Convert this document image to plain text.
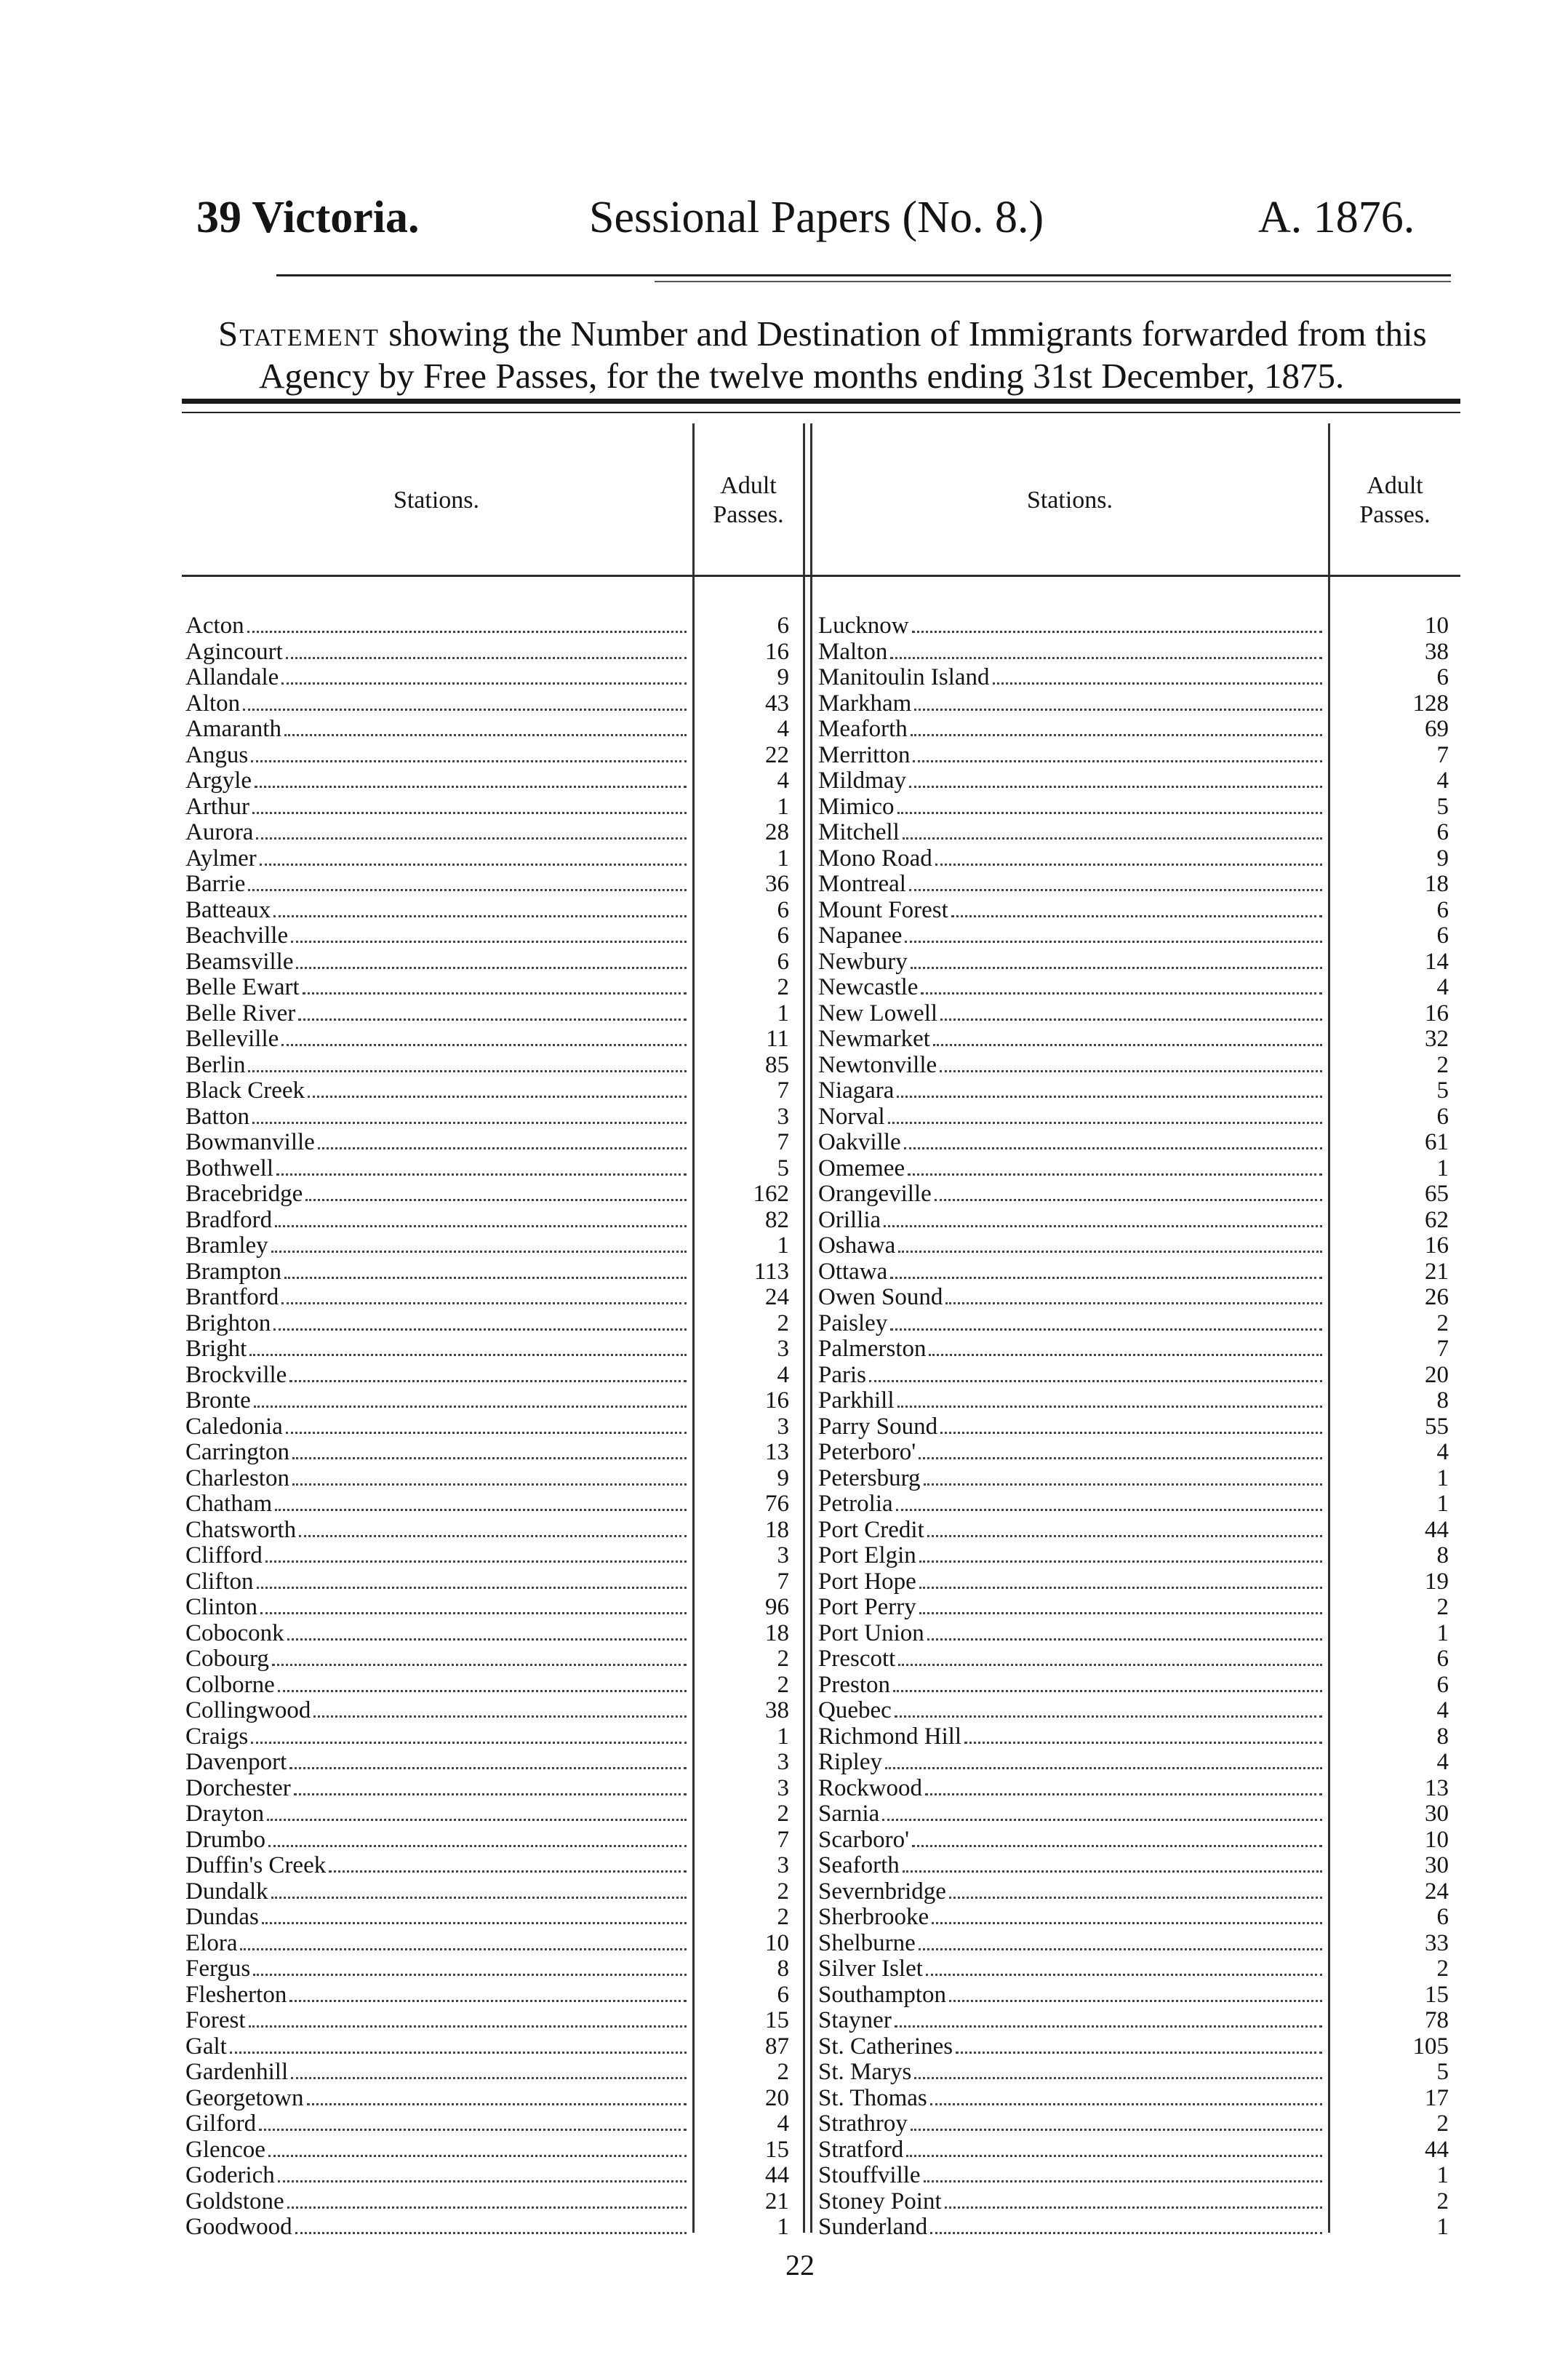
39 Victoria.	Sessional Papers (No. 8.)	A. 1876.
Statement showing the Number and Destination of Immigrants forwarded from this
Agency by Free Passes, for the twelve months ending 31st December, 1875.
Stations.
Adult
Passes.
Stations.
Adult
Passes.
Acton
Agincourt
Allandale
Alton
Amaranth
Angus
Argyle
Arthur
Aurora
Aylmer
Barrie
Batteaux
Beachville
Beamsville
Belle Ewart
Belle River
Belleville
Berlin
Black Creek
Batton
Bowmanville
Bothwell
Bracebridge
Bradford
Bramley
Brampton
Brantford
Brighton
Bright
Brockville
Bronte
Caledonia
Carrington
Charleston
Chatham
Chatsworth
Clifford
Clifton
Clinton
Coboconk
Cobourg
Colborne
Collingwood
Craigs
Davenport
Dorchester
Drayton
Drumbo
Duffin's Creek
Dundalk
Dundas
Elora
Fergus
Flesherton
Forest
Galt
Gardenhill
Georgetown
Gilford
Glencoe
Goderich
Goldstone
Goodwood
6
16
9
43
4
22
4
1
28
1
36
6
6
6
2
1
11
85
7
3
7
5
162
82
1
113
24
2
3
4
16
3
13
9
76
18
3
7
96
18
2
2
38
1
3
3
2
7
3
2
2
10
8
6
15
87
2
20
4
15
44
21
1
Lucknow
Malton
Manitoulin Island
Markham
Meaforth
Merritton
Mildmay
Mimico
Mitchell
Mono Road
Montreal
Mount Forest
Napanee
Newbury
Newcastle
New Lowell
Newmarket
Newtonville
Niagara
Norval
Oakville
Omemee
Orangeville
Orillia
Oshawa
Ottawa
Owen Sound
Paisley
Palmerston
Paris
Parkhill
Parry Sound
Peterboro'
Petersburg
Petrolia
Port Credit
Port Elgin
Port Hope
Port Perry
Port Union
Prescott
Preston
Quebec
Richmond Hill
Ripley
Rockwood
Sarnia
Scarboro'
Seaforth
Severnbridge
Sherbrooke
Shelburne
Silver Islet
Southampton
Stayner
St. Catherines
St. Marys
St. Thomas
Strathroy
Stratford
Stouffville
Stoney Point
Sunderland
10
38
6
128
69
7
4
5
6
9
18
6
6
14
4
16
32
2
5
6
61
1
65
62
16
21
26
2
7
20
8
55
4
1
1
44
8
19
2
1
6
6
4
8
4
13
30
10
30
24
6
33
2
15
78
105
5
17
2
44
1
2
1
22
